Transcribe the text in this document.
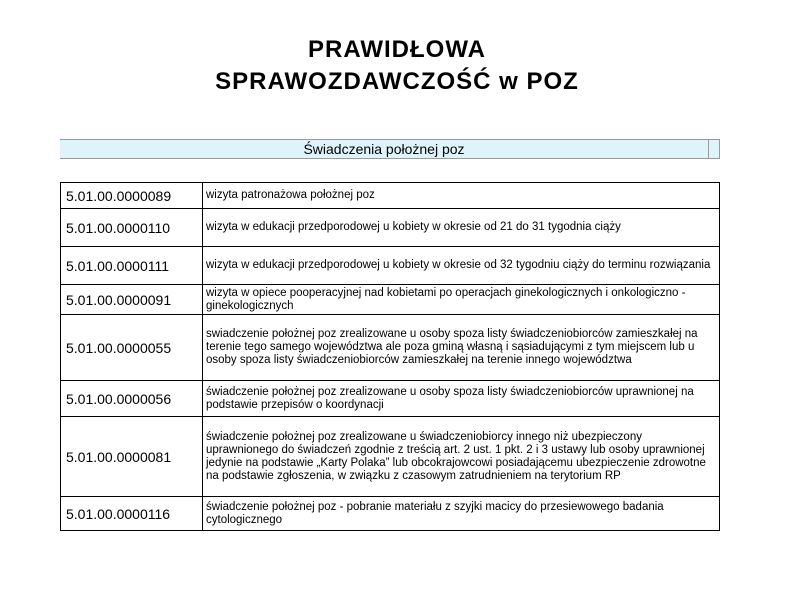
PRAWIDŁOWA
SPRAWOZDAWCZOŚĆ w POZ
Świadczenia położnej poz
5.01.00.0000089	wizyta patronażowa położnej poz
5.01.00.0000110	wizyta w edukacji przedporodowej u kobiety w okresie od 21 do 31 tygodnia ciąży
5.01.00.0000111	wizyta w edukacji przedporodowej u kobiety w okresie od 32 tygodniu ciąży do terminu rozwiązania
5.01.00.0000091	wizyta w opiece pooperacyjnej nad kobietami po operacjach ginekologicznych i onkologiczno - ginekologicznych
5.01.00.0000055	swiadczenie położnej poz zrealizowane u osoby spoza listy świadczeniobiorców zamieszkałej na terenie tego samego województwa ale poza gminą własną i sąsiadującymi z tym miejscem lub u osoby spoza listy świadczeniobiorców zamieszkałej na terenie innego województwa
5.01.00.0000056	świadczenie położnej poz zrealizowane u osoby spoza listy świadczeniobiorców uprawnionej na podstawie przepisów o koordynacji
5.01.00.0000081	świadczenie położnej poz zrealizowane u świadczeniobiorcy innego niż ubezpieczony uprawnionego do świadczeń zgodnie z treścią art. 2 ust. 1 pkt. 2 i 3 ustawy lub osoby uprawnionej jedynie na podstawie „Karty Polaka” lub obcokrajowcowi posiadającemu ubezpieczenie zdrowotne na podstawie zgłoszenia, w związku z czasowym zatrudnieniem na terytorium RP
5.01.00.0000116	świadczenie położnej poz - pobranie materiału z szyjki macicy do przesiewowego badania cytologicznego
